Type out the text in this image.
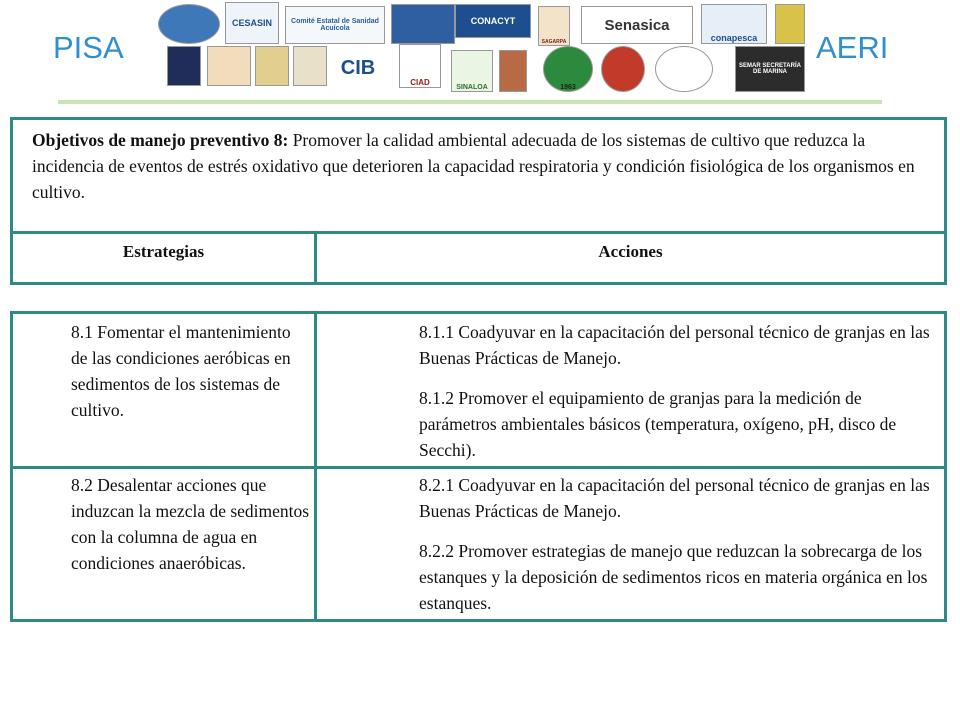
PISA	AERI
CESASIN	Comité Estatal de Sanidad Acuícola
CONACYT
SAGARPA
Senasica
conapesca
CIB
CIAD
SINALOA	1963
SEMAR SECRETARÍA DE MARINA
Objetivos de manejo preventivo 8: Promover la calidad ambiental adecuada de los sistemas de cultivo que reduzca la incidencia de eventos de estrés oxidativo que deterioren la capacidad respiratoria y condición fisiológica de los organismos en cultivo.
Estrategias	Acciones
8.1 Fomentar el mantenimiento de las condiciones aeróbicas en sedimentos de los sistemas de cultivo.
8.1.1 Coadyuvar en la capacitación del personal técnico de granjas en las Buenas Prácticas de Manejo.
8.1.2 Promover el equipamiento de granjas para la medición de parámetros ambientales básicos (temperatura, oxígeno, pH, disco de Secchi).
8.2 Desalentar acciones que induzcan la mezcla de sedimentos con la columna de agua en condiciones anaeróbicas.
8.2.1 Coadyuvar en la capacitación del personal técnico de granjas en las Buenas Prácticas de Manejo.
8.2.2 Promover estrategias de manejo que reduzcan la sobrecarga de los estanques y la deposición de sedimentos ricos en materia orgánica en los estanques.
